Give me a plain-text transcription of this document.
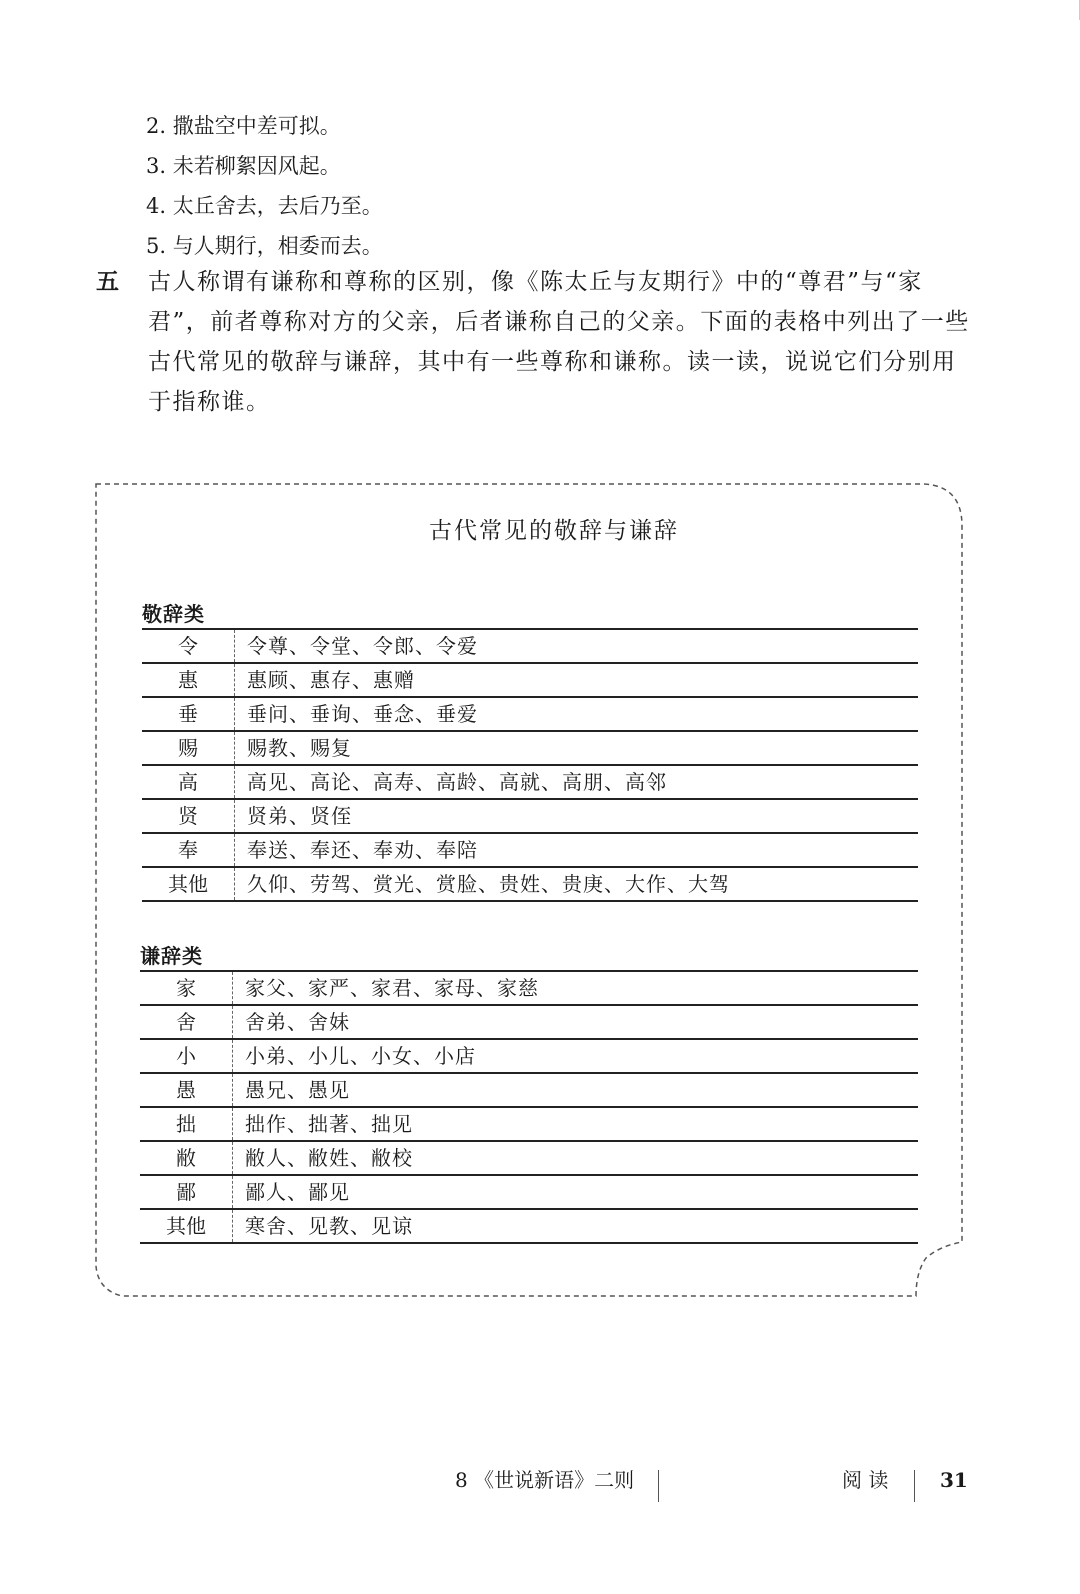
2. 撒盐空中差可拟。
3. 未若柳絮因风起。
4. 太丘舍去，去后乃至。
5. 与人期行，相委而去。
五 古人称谓有谦称和尊称的区别，像《陈太丘与友期行》中的“尊君”与“家君”，前者尊称对方的父亲，后者谦称自己的父亲。下面的表格中列出了一些古代常见的敬辞与谦辞，其中有一些尊称和谦称。读一读，说说它们分别用于指称谁。

古代常见的敬辞与谦辞
敬辞类
令	令尊、令堂、令郎、令爱
惠	惠顾、惠存、惠赠
垂	垂问、垂询、垂念、垂爱
赐	赐教、赐复
高	高见、高论、高寿、高龄、高就、高朋、高邻
贤	贤弟、贤侄
奉	奉送、奉还、奉劝、奉陪
其他	久仰、劳驾、赏光、赏脸、贵姓、贵庚、大作、大驾
谦辞类
家	家父、家严、家君、家母、家慈
舍	舍弟、舍妹
小	小弟、小儿、小女、小店
愚	愚兄、愚见
拙	拙作、拙著、拙见
敝	敝人、敝姓、敝校
鄙	鄙人、鄙见
其他	寒舍、见教、见谅
8 《世说新语》二则	阅 读	31
